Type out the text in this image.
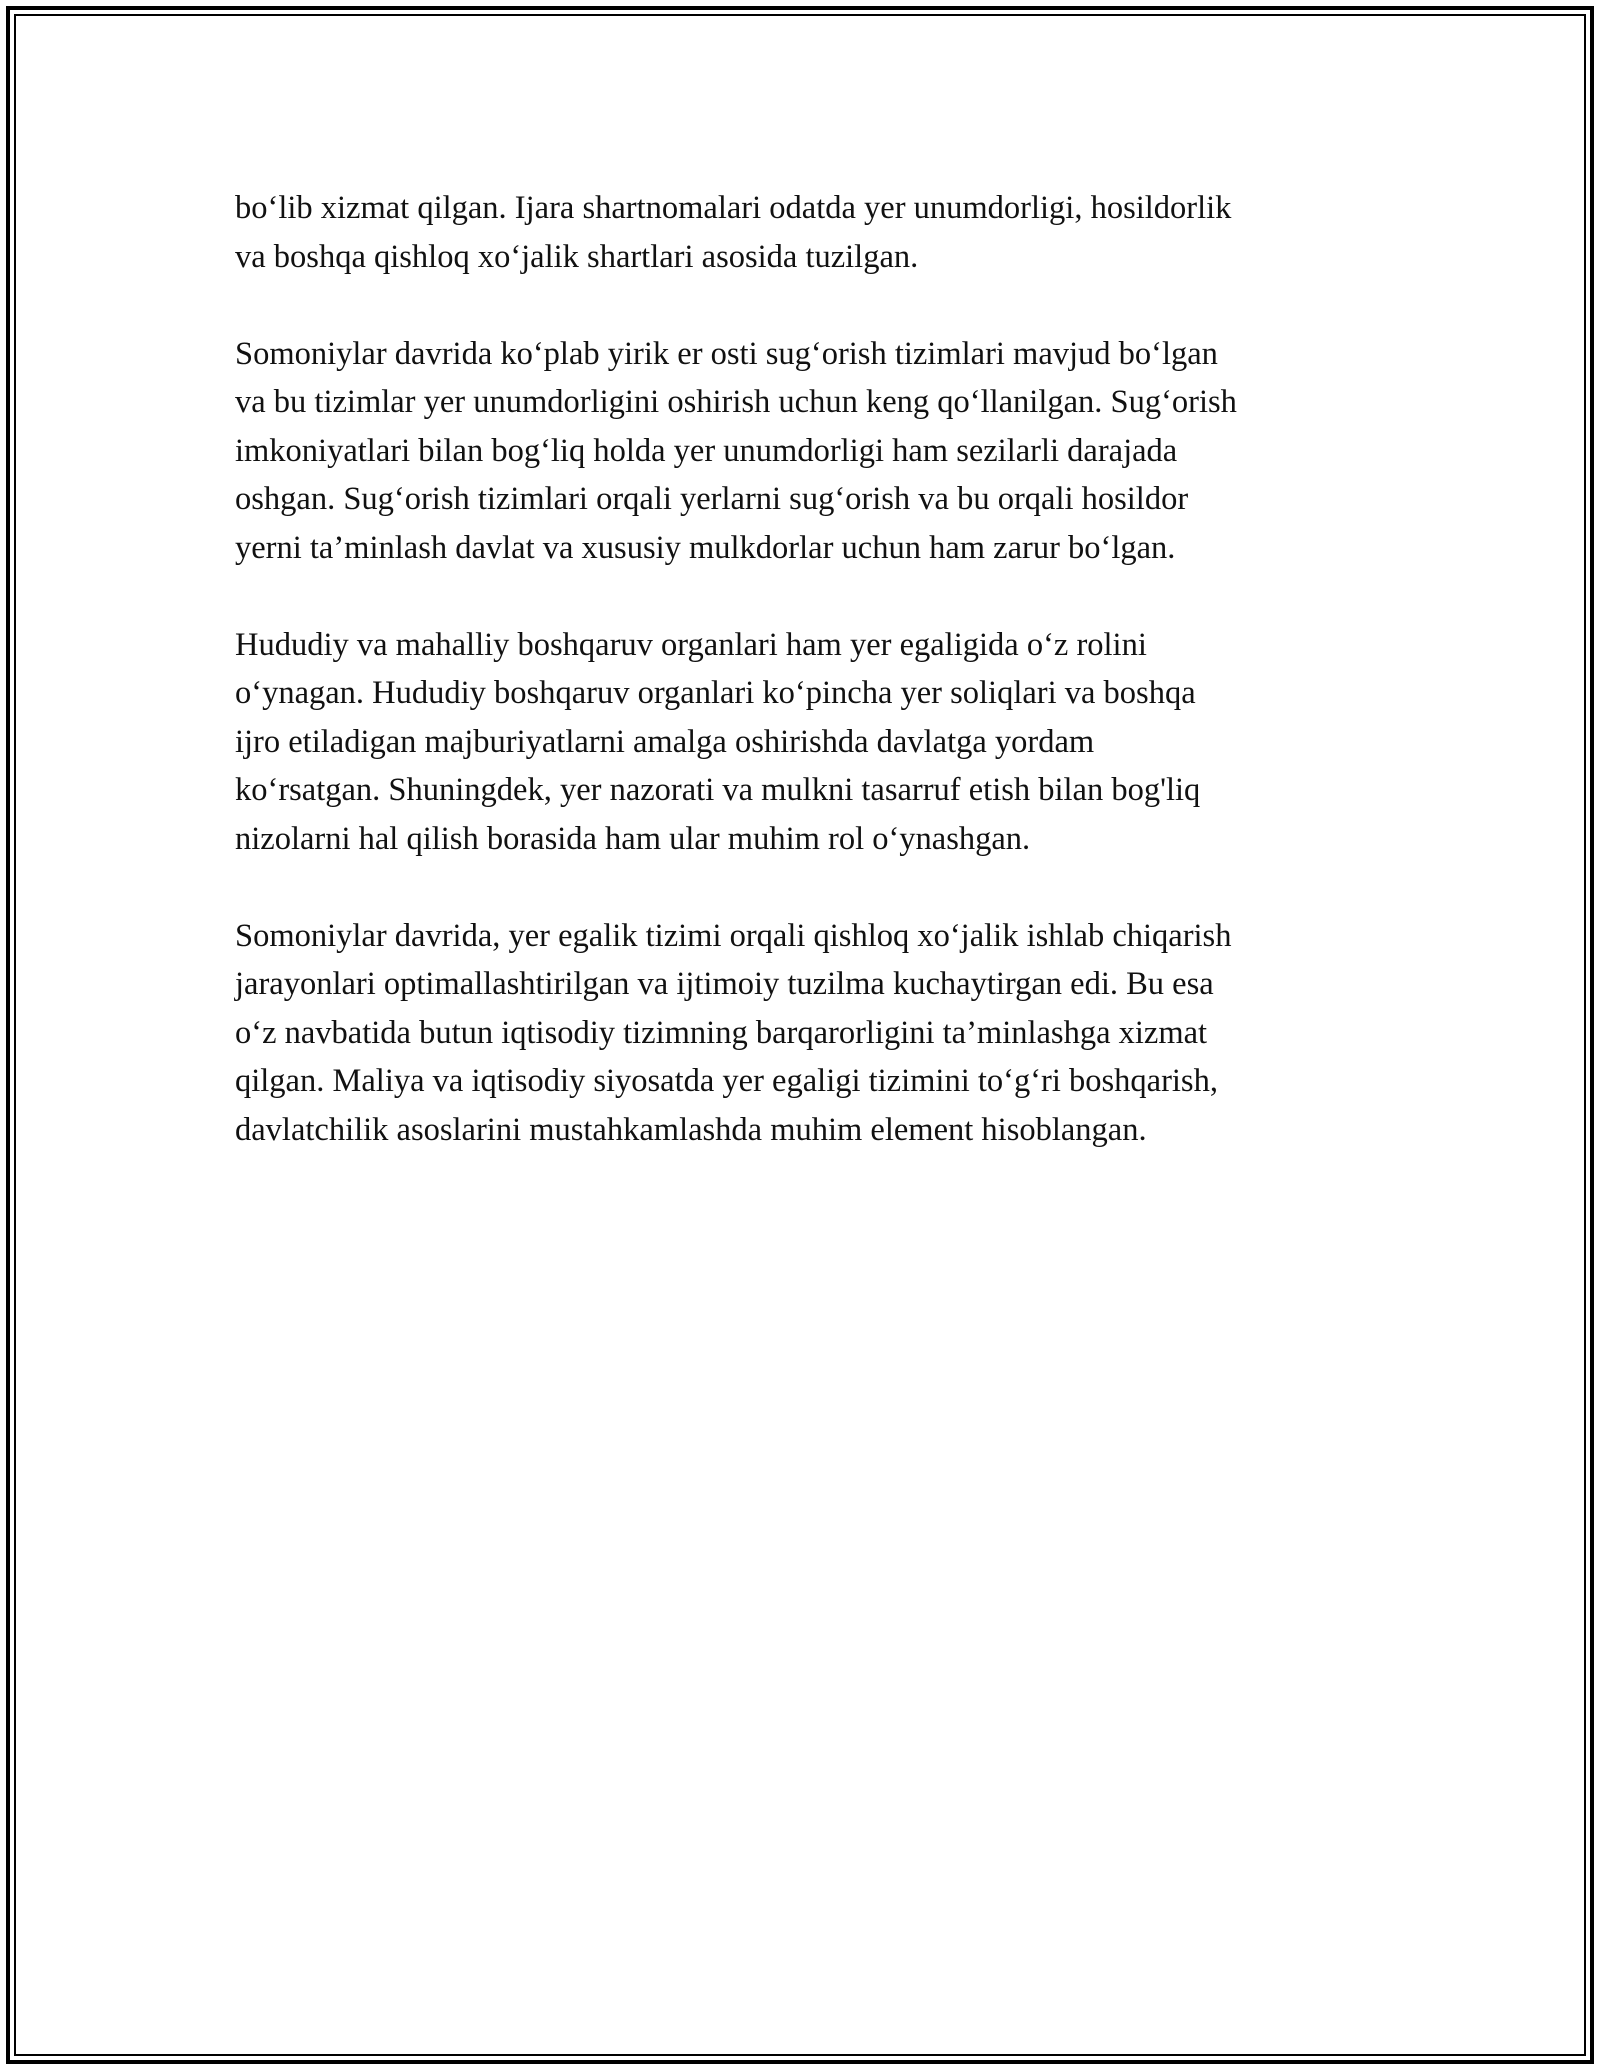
bo‘lib xizmat qilgan. Ijara shartnomalari odatda yer unumdorligi, hosildorlik
va boshqa qishloq xo‘jalik shartlari asosida tuzilgan.

Somoniylar davrida ko‘plab yirik er osti sug‘orish tizimlari mavjud bo‘lgan
va bu tizimlar yer unumdorligini oshirish uchun keng qo‘llanilgan. Sug‘orish
imkoniyatlari bilan bog‘liq holda yer unumdorligi ham sezilarli darajada
oshgan. Sug‘orish tizimlari orqali yerlarni sug‘orish va bu orqali hosildor
yerni ta’minlash davlat va xususiy mulkdorlar uchun ham zarur bo‘lgan.

Hududiy va mahalliy boshqaruv organlari ham yer egaligida o‘z rolini
o‘ynagan. Hududiy boshqaruv organlari ko‘pincha yer soliqlari va boshqa
ijro etiladigan majburiyatlarni amalga oshirishda davlatga yordam
ko‘rsatgan. Shuningdek, yer nazorati va mulkni tasarruf etish bilan bog'liq
nizolarni hal qilish borasida ham ular muhim rol o‘ynashgan.

Somoniylar davrida, yer egalik tizimi orqali qishloq xo‘jalik ishlab chiqarish
jarayonlari optimallashtirilgan va ijtimoiy tuzilma kuchaytirgan edi. Bu esa
o‘z navbatida butun iqtisodiy tizimning barqarorligini ta’minlashga xizmat
qilgan. Maliya va iqtisodiy siyosatda yer egaligi tizimini to‘g‘ri boshqarish,
davlatchilik asoslarini mustahkamlashda muhim element hisoblangan.
